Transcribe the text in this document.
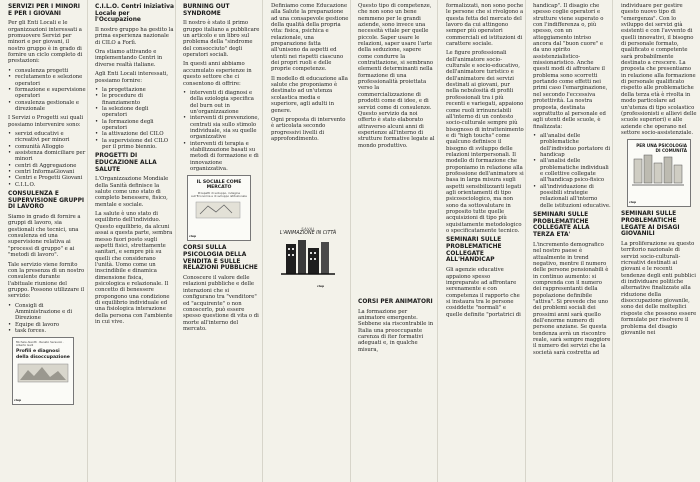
SERVIZI PER I MINORI E PER I GIOVANI

Per gli Enti Locali e le organizzazioni interessati a promuovere Servizi per minori e per giovani, il nostro gruppo è in grado di fornire un ciclo completo di prestazioni:

• consulenza progetti
• reclutamento e selezione operatori
• formazione e supervisione operatori
• consulenza gestionale e direzionale

I Servizi o Progetti sui quali possiamo intervenire sono:

• servizi educativi e ricreativi per minori
• comunità Alloggio
• assistenza domiciliare per minori
• centri di Aggregazione
• centri InformaGiovani
• Centri e Progetti Giovani
• C.I.L.O.
CONSULENZA E SUPERVISIONE GRUPPI DI LAVORO

Siamo in grado di fornire a gruppi di lavoro, sia gestionali che tecnici, una consulenza ed una supervisione relativa ai "processi di gruppo" e ai "metodi di lavoro".

Tale servizio viene fornito con la presenza di un nostro consulente durante l'abituale riunione del gruppo. Possono utilizzare il servizio:

• Consigli di Amministrazione e di Direzione
• Equipe di lavoro
• task forces.
Michele Aleotti · Renato Sersuolo · Alberto Gelli
Profili e diagnosi della disoccupazione
clup
C.I.L.O. Centri Iniziativa Locale per l'Occupazione

Il nostro gruppo ha gestito la prima esperienza nazionale di CILO a Forlì.

Ora stiamo attivando e implementando Centri in diverse realtà italiane.

Agli Enti Locali interessati, possiamo fornire:

• la progettazione
• le procedure di finanziamento
• la selezione degli operatori
• la formazione degli operatori
• la attivazione del CILO
• la supervisione del CILO per il primo biennio.
PROGETTI DI EDUCAZIONE ALLA SALUTE

L'Organizzazione Mondiale della Sanità definisce la salute come uno stato di completo benessere, fisico, mentale e sociale.

La salute è uno stato di equilibrio dell'individuo. Questo equilibrio, da alcuni assai a questa parte, sembra messo fuori posto sugli aspetti fisici, strettamente sanitari, e sempre più su quelli che considerano l'unità. Uomo come un inscindibile e dinamica dimensione fisica, psicologica e relazionale. Il concetto di benessere propongono una condizione di equilibrio individuale ed una fisiologica interazione della persona con l'ambiente in cui vive.

BURNING OUT SYNDROME

Il nostro è stato il primo gruppo italiano a pubblicare un articolo e un libro sul problema della "sindrome del consocciuto" degli operatori sociali.

In questi anni abbiamo accumulato esperienze in questo settore che ci consentono di offrire:

• interventi di diagnosi e della eziologia specifica del burn out in un'organizzazione
• interventi di prevenzione, centrati sia sullo stimolo individuale, sia su quelle organizzative
• interventi di terapia e stabilizzazione basati su metodi di formazione e di innovazione organizzativa.
IL SOCIALE COME MERCATO
Prospetti di sviluppo, indagine sull'Economia e di sviluppo istituzionale
clup
CORSI SULLA PSICOLOGIA DELLA VENDITA E SULLE RELAZIONI PUBBLICHE

Conoscere il valore delle relazioni pubbliche e delle interazioni che si configurano tra "venditore" ed "acquirente" o non conoscerlo, può essere spesso questione di vita o di morte all'interno del mercato.

Definiamo come Educazione alla Salute la preparazione ad una consapevole gestione della qualità della propria vita: fisica, psichica e relazionale, una preparazione fatta all'unisono da aspetti ed utenti nei rispetti ciascuno dei propri ruoli e delle proprie competenze.

Il modello di educazione alla salute che proponiamo è destinato ad un'utenza scolastica media e superiore, agli adulti in genere.

Ogni proposta di intervento è articolata secondo progressivi livelli di approfondimento.

SAVAI
L'ANIMAZIONE IN CITTÀ
clup

Questo tipo di competenze, che non sono un bene nemmeno per le grandi aziende, sono invece una necessità vitale per quelle piccole. Saper usare le relazioni, saper usare l'arte della seduzione, sapere come condurre la contrattazione, si sembrano elementi determinanti nella formazione di una professionalità proiettata verso la commercializzazione di prodotti come di idee, e di servizi come di consulenze. Questo servizio da noi offerto è stato elaborato attraverso alcuni anni di esperienze all'interno di strutture formative legate al mondo produttivo.

CORSI PER ANIMATORI

La formazione per animatore emergente. Sebbene sia riscontrabile in Italia una preoccupante carenza di iter formativi adeguati e, in qualche misura,

formalizzati, non sono poche le persone che si rivolgono a questa fetta del mercato del lavoro da cui attingono semper più operatori commerciali ed istituzioni di carattere sociale.

Le figure professionali dell'animatore socio-culturale e socio-educativo, dell'animatore turistico e dell'animatore dei servizi destinati ai giovani, pur nella nebulosità di profili professionali tra i più recenti e variegati, appaiono come ruoli irrinunciabili all'interno di un contesto socio-culturale sempre più bisognoso di intrattenimento e di "high touchs" come qualcuno definisce il bisogno di sviluppo delle relazioni interpersonali. Il modello di formazione che proponiamo in relazione alla professione dell'animatore si basa in larga misura sugli aspetti sensibilizzanti legati agli orientamenti di tipo psicosociologico, ma non sono da sottovalutare in proposito tutte quelle acquisizioni di tipo più squisitamente metodologico o specificatamente tecnico.

SEMINARI SULLE PROBLEMATICHE COLLEGATE ALL'HANDICAP

Gli agenzie educative appaiono spesso impreparate ad affrontare serenamente e con competenza il rapporto che si instaura tra le persone cosiddette "normali" e quelle definite "portatrici di

handicap". Il disagio che spesso coglie operatori e strutture viene superato o con l'indifferenza o, più spesso, con un atteggiamento intriso ancora dal "buon cuore" e da uno spirito assistenzialistico-missionaristico. Anche questi modi di affrontare il problema sono scorretti portando come effetti nei primi caso l'emarginazione, nel secondo l'eccessiva protettività. La nostra proposta, destinata soprattutto al personale ed agli utenti delle scuole, è finalizzata:

• all'analisi delle problematiche dell'individuo portatore di handicap
• all'analisi delle problematiche individuali e collettive collegate all'handicap psico-fisico
• all'individuazione di possibili strategie relazionali all'interno delle istituzioni educative.
SEMINARI SULLE PROBLEMATICHE COLLEGATE ALLA TERZA ETA'

L'incremento demografico nel nostro paese è attualmente in trend negativo, mentre il numero delle persone pensionabili è in continuo aumento: si comprenda con il numero dei rappresentanti della popolazione definibile "attiva". Si prevede che uno dei problemi sociali dei prossimi anni sarà quello dell'enorme numero di persone anziane. Se questa tendenza avrà un riscontro reale, sarà sempre maggiore il numero dei servizi che la società sarà costretta ad

individuare per gestire questo nuovo tipo di "emergenza". Con lo sviluppo dei servizi già esistenti e con l'avvento di quelli innovativi, il bisogno di personale formato, qualificato e competente sarà probabilmente destinato a crescere. La proposta che presentiamo in relazione alla formazione di personale qualificato rispetto alle problematiche della terza età è rivolta in modo particolare ad un'utenza di tipo scolastico (professionisti e allievi delle scuole superiori) e alle aziende che operano nel settore socio-assistenziale.

PER UNA PSICOLOGIA DI COMUNITÀ
clup
SEMINARI SULLE PROBLEMATICHE LEGATE AI DISAGI GIOVANILI

La proliferazione su questo territorio nazionale di servizi socio-culturali-ricreativi destinati ai giovani e le recenti tendenze degli enti pubblici di individuare politiche alternative finalizzate alla riduzione della disoccupazione giovanile, sono dei delle molteplici risposte che possono essere formulate per risolvere il problema del disagio giovanile nei
